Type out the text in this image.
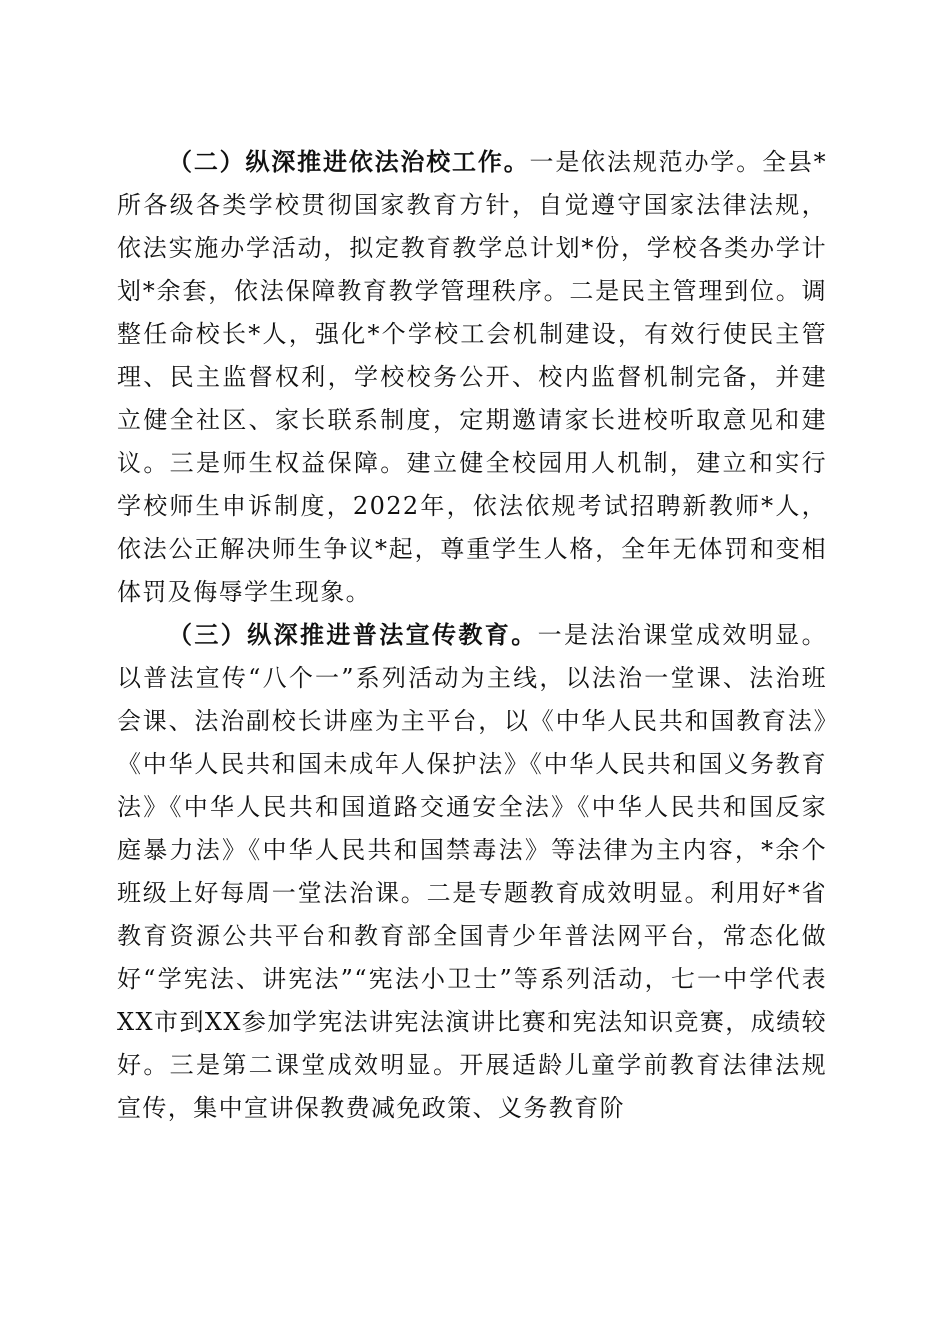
（二）纵深推进依法治校工作。一是依法规范办学。全县*所各级各类学校贯彻国家教育方针，自觉遵守国家法律法规，依法实施办学活动，拟定教育教学总计划*份，学校各类办学计划*余套，依法保障教育教学管理秩序。二是民主管理到位。调整任命校长*人，强化*个学校工会机制建设，有效行使民主管理、民主监督权利，学校校务公开、校内监督机制完备，并建立健全社区、家长联系制度，定期邀请家长进校听取意见和建议。三是师生权益保障。建立健全校园用人机制，建立和实行学校师生申诉制度，2022年，依法依规考试招聘新教师*人，依法公正解决师生争议*起，尊重学生人格，全年无体罚和变相体罚及侮辱学生现象。

（三）纵深推进普法宣传教育。一是法治课堂成效明显。以普法宣传“八个一”系列活动为主线，以法治一堂课、法治班会课、法治副校长讲座为主平台，以《中华人民共和国教育法》《中华人民共和国未成年人保护法》《中华人民共和国义务教育法》《中华人民共和国道路交通安全法》《中华人民共和国反家庭暴力法》《中华人民共和国禁毒法》等法律为主内容，*余个班级上好每周一堂法治课。二是专题教育成效明显。利用好*省教育资源公共平台和教育部全国青少年普法网平台，常态化做好“学宪法、讲宪法”“宪法小卫士”等系列活动，七一中学代表XX市到XX参加学宪法讲宪法演讲比赛和宪法知识竞赛，成绩较好。三是第二课堂成效明显。开展适龄儿童学前教育法律法规宣传，集中宣讲保教费减免政策、义务教育阶
